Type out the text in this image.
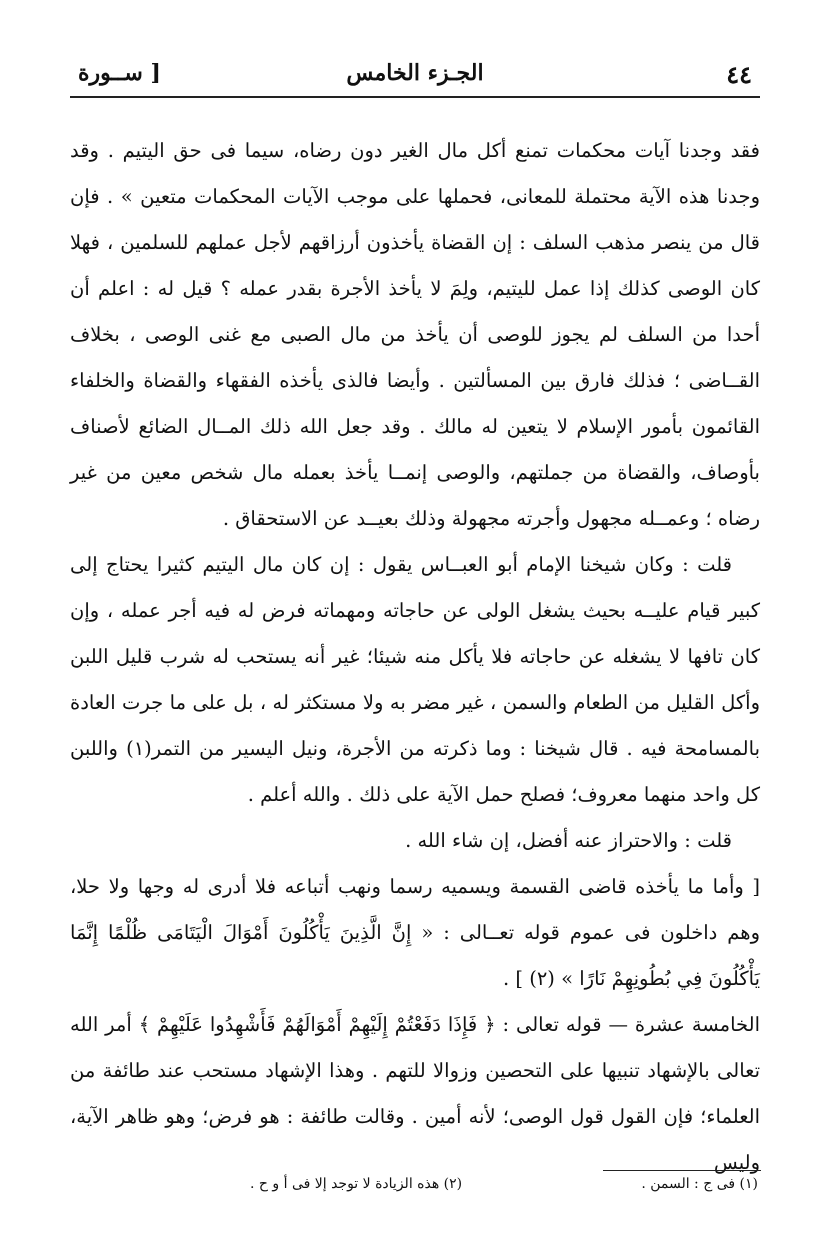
٤٤
الجـزء الخامس
[ ســورة

فقد وجدنا آيات محكمات تمنع أكل مال الغير دون رضاه، سيما فى حق اليتيم . وقد وجدنا هذه الآية محتملة للمعانى، فحملها على موجب الآيات المحكمات متعين » . فإن قال من ينصر مذهب السلف : إن القضاة يأخذون أرزاقهم لأجل عملهم للسلمين ، فهلا كان الوصى كذلك إذا عمل لليتيم، ولِمَ لا يأخذ الأجرة بقدر عمله ؟ قيل له : اعلم أن أحدا من السلف لم يجوز للوصى أن يأخذ من مال الصبى مع غنى الوصى ، بخلاف القــاضى ؛ فذلك فارق بين المسألتين . وأيضا فالذى يأخذه الفقهاء والقضاة والخلفاء القائمون بأمور الإسلام لا يتعين له مالك . وقد جعل الله ذلك المــال الضائع لأصناف بأوصاف، والقضاة من جملتهم، والوصى إنمــا يأخذ بعمله مال شخص معين من غير رضاه ؛ وعمــله مجهول وأجرته مجهولة وذلك بعيــد عن الاستحقاق .

قلت : وكان شيخنا الإمام أبو العبــاس يقول : إن كان مال اليتيم كثيرا يحتاج إلى كبير قيام عليــه بحيث يشغل الولى عن حاجاته ومهماته فرض له فيه أجر عمله ، وإن كان تافها لا يشغله عن حاجاته فلا يأكل منه شيئا؛ غير أنه يستحب له شرب قليل اللبن وأكل القليل من الطعام والسمن ، غير مضر به ولا مستكثر له ، بل على ما جرت العادة بالمسامحة فيه . قال شيخنا : وما ذكرته من الأجرة، ونيل اليسير من التمر(١) واللبن كل واحد منهما معروف؛ فصلح حمل الآية على ذلك . والله أعلم .

قلت : والاحتراز عنه أفضل، إن شاء الله .

[ وأما ما يأخذه قاضى القسمة ويسميه رسما ونهب أتباعه فلا أدرى له وجها ولا حلا، وهم داخلون فى عموم قوله تعــالى : « إِنَّ الَّذِينَ يَأْكُلُونَ أَمْوَالَ الْيَتَامَى ظُلْمًا إِنَّمَا يَأْكُلُونَ فِي بُطُونِهِمْ نَارًا » (٢) ] .

الخامسة عشرة — قوله تعالى : ﴿ فَإِذَا دَفَعْتُمْ إِلَيْهِمْ أَمْوَالَهُمْ فَأَشْهِدُوا عَلَيْهِمْ ﴾ أمر الله تعالى بالإشهاد تنبيها على التحصين وزوالا للتهم . وهذا الإشهاد مستحب عند طائفة من العلماء؛ فإن القول قول الوصى؛ لأنه أمين . وقالت طائفة : هو فرض؛ وهو ظاهر الآية، وليس

(١) فى ج : السمن .
(٢) هذه الزيادة لا توجد إلا فى أ و ح .
